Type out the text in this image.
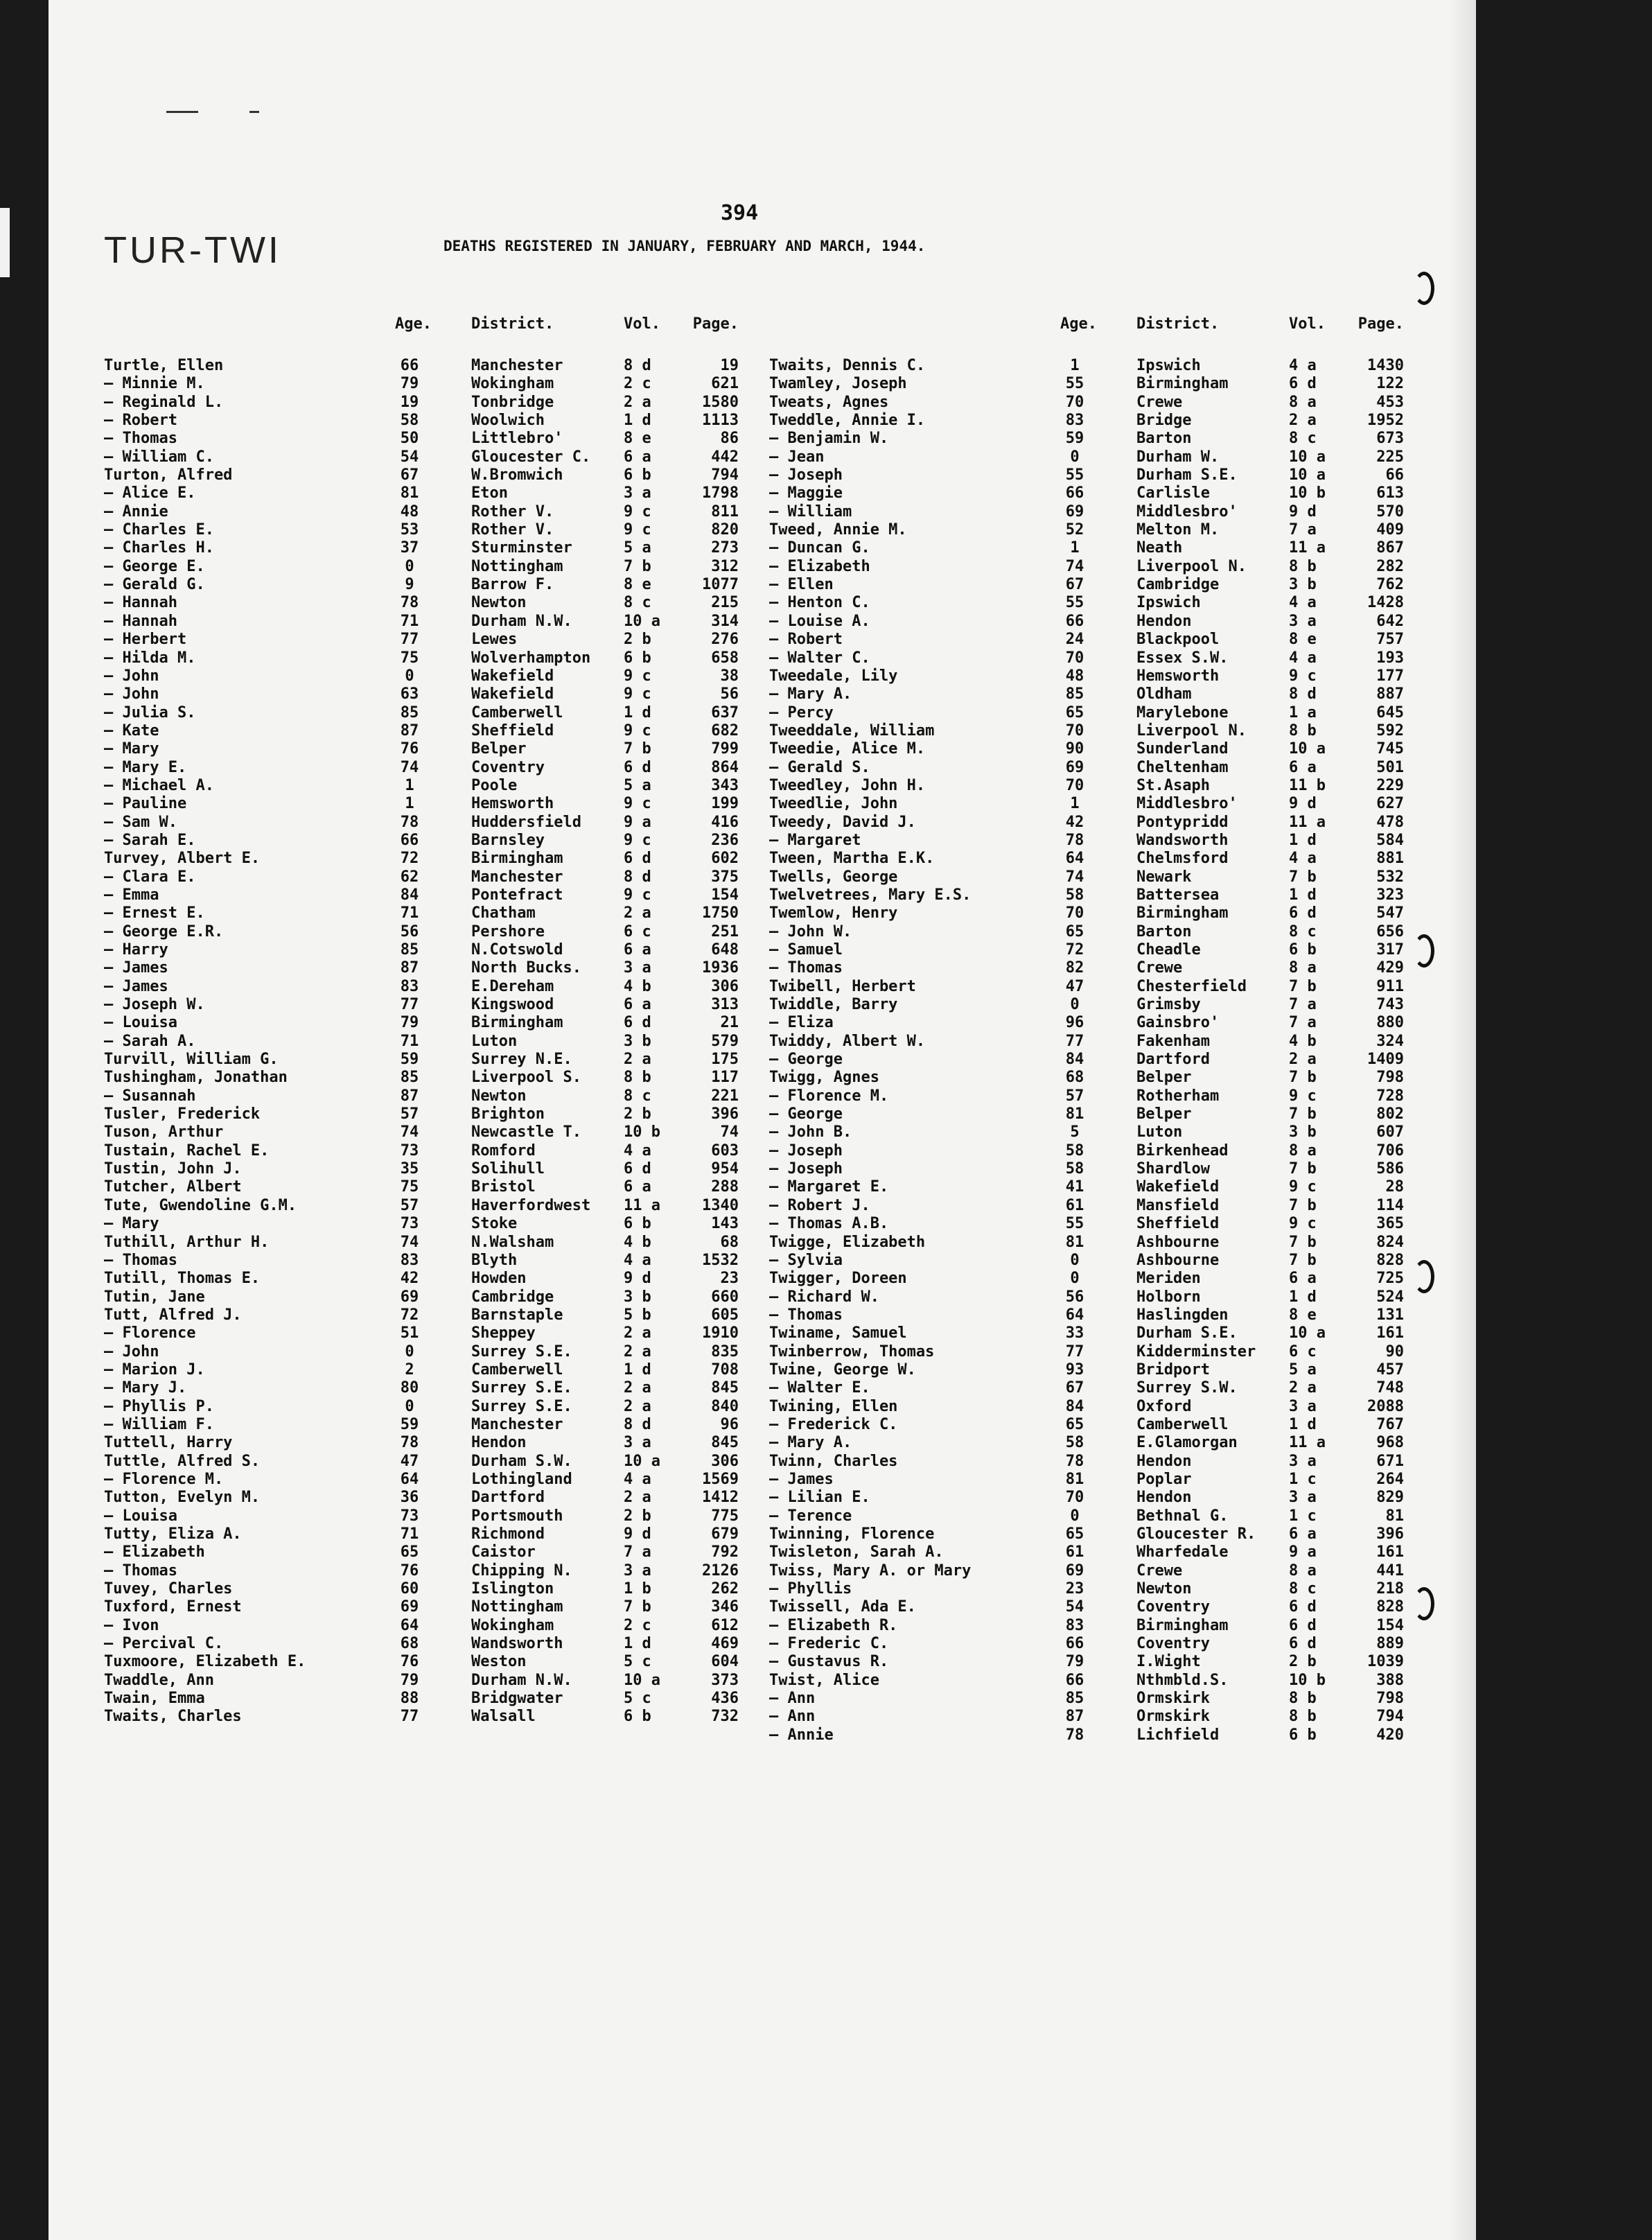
394
TUR-TWI	DEATHS REGISTERED IN JANUARY, FEBRUARY AND MARCH, 1944.
Age.	District.	Vol.	Page.
Turtle, Ellen	66	Manchester	8 d	19
— Minnie M.	79	Wokingham	2 c	621
— Reginald L.	19	Tonbridge	2 a	1580
— Robert	58	Woolwich	1 d	1113
— Thomas	50	Littlebro'	8 e	86
— William C.	54	Gloucester C. 6 a	442
Turton, Alfred	67	W.Bromwich	6 b	794
— Alice E.	81	Eton	3 a	1798
— Annie	48	Rother V.	9 c	811
— Charles E.	53	Rother V.	9 c	820
— Charles H.	37	Sturminster	5 a	273
— George E.	0	Nottingham	7 b	312
— Gerald G.	9	Barrow F.	8 e	1077
— Hannah	78	Newton	8 c	215
— Hannah	71	Durham N.W.	10 a	314
— Herbert	77	Lewes	2 b	276
— Hilda M.	75	Wolverhampton 6 b	658
— John	0	Wakefield	9 c	38
— John	63	Wakefield	9 c	56
— Julia S.	85	Camberwell	1 d	637
— Kate	87	Sheffield	9 c	682
— Mary	76	Belper	7 b	799
— Mary E.	74	Coventry	6 d	864
— Michael A.	1	Poole	5 a	343
— Pauline	1	Hemsworth	9 c	199
— Sam W.	78	Huddersfield	9 a	416
— Sarah E.	66	Barnsley	9 c	236
Turvey, Albert E.	72	Birmingham	6 d	602
— Clara E.	62	Manchester	8 d	375
— Emma	84	Pontefract	9 c	154
— Ernest E.	71	Chatham	2 a	1750
— George E.R.	56	Pershore	6 c	251
— Harry	85	N.Cotswold	6 a	648
— James	87	North Bucks.	3 a	1936
— James	83	E.Dereham	4 b	306
— Joseph W.	77	Kingswood	6 a	313
— Louisa	79	Birmingham	6 d	21
— Sarah A.	71	Luton	3 b	579
Turvill, William G.	59	Surrey N.E.	2 a	175
Tushingham, Jonathan	85	Liverpool S.	8 b	117
— Susannah	87	Newton	8 c	221
Tusler, Frederick	57	Brighton	2 b	396
Tuson, Arthur	74	Newcastle T.	10 b	74
Tustain, Rachel E.	73	Romford	4 a	603
Tustin, John J.	35	Solihull	6 d	954
Tutcher, Albert	75	Bristol	6 a	288
Tute, Gwendoline G.M.	57	Haverfordwest 11 a	1340
— Mary	73	Stoke	6 b	143
Tuthill, Arthur H.	74	N.Walsham	4 b	68
— Thomas	83	Blyth	4 a	1532
Tutill, Thomas E.	42	Howden	9 d	23
Tutin, Jane	69	Cambridge	3 b	660
Tutt, Alfred J.	72	Barnstaple	5 b	605
— Florence	51	Sheppey	2 a	1910
— John	0	Surrey S.E.	2 a	835
— Marion J.	2	Camberwell	1 d	708
— Mary J.	80	Surrey S.E.	2 a	845
— Phyllis P.	0	Surrey S.E.	2 a	840
— William F.	59	Manchester	8 d	96
Tuttell, Harry	78	Hendon	3 a	845
Tuttle, Alfred S.	47	Durham S.W.	10 a	306
— Florence M.	64	Lothingland	4 a	1569
Tutton, Evelyn M.	36	Dartford	2 a	1412
— Louisa	73	Portsmouth	2 b	775
Tutty, Eliza A.	71	Richmond	9 d	679
— Elizabeth	65	Caistor	7 a	792
— Thomas	76	Chipping N.	3 a	2126
Tuvey, Charles	60	Islington	1 b	262
Tuxford, Ernest	69	Nottingham	7 b	346
— Ivon	64	Wokingham	2 c	612
— Percival C.	68	Wandsworth	1 d	469
Tuxmoore, Elizabeth E.	76	Weston	5 c	604
Twaddle, Ann	79	Durham N.W.	10 a	373
Twain, Emma	88	Bridgwater	5 c	436
Twaits, Charles	77	Walsall	6 b	732
Age.	District.	Vol.	Page.
Twaits, Dennis C.	1	Ipswich	4 a	1430
Twamley, Joseph	55	Birmingham	6 d	122
Tweats, Agnes	70	Crewe	8 a	453
Tweddle, Annie I.	83	Bridge	2 a	1952
— Benjamin W.	59	Barton	8 c	673
— Jean	0	Durham W.	10 a	225
— Joseph	55	Durham S.E.	10 a	66
— Maggie	66	Carlisle	10 b	613
— William	69	Middlesbro'	9 d	570
Tweed, Annie M.	52	Melton M.	7 a	409
— Duncan G.	1	Neath	11 a	867
— Elizabeth	74	Liverpool N.	8 b	282
— Ellen	67	Cambridge	3 b	762
— Henton C.	55	Ipswich	4 a	1428
— Louise A.	66	Hendon	3 a	642
— Robert	24	Blackpool	8 e	757
— Walter C.	70	Essex S.W.	4 a	193
Tweedale, Lily	48	Hemsworth	9 c	177
— Mary A.	85	Oldham	8 d	887
— Percy	65	Marylebone	1 a	645
Tweeddale, William	70	Liverpool N.	8 b	592
Tweedie, Alice M.	90	Sunderland	10 a	745
— Gerald S.	69	Cheltenham	6 a	501
Tweedley, John H.	70	St.Asaph	11 b	229
Tweedlie, John	1	Middlesbro'	9 d	627
Tweedy, David J.	42	Pontypridd	11 a	478
— Margaret	78	Wandsworth	1 d	584
Tween, Martha E.K.	64	Chelmsford	4 a	881
Twells, George	74	Newark	7 b	532
Twelvetrees, Mary E.S.	58	Battersea	1 d	323
Twemlow, Henry	70	Birmingham	6 d	547
— John W.	65	Barton	8 c	656
— Samuel	72	Cheadle	6 b	317
— Thomas	82	Crewe	8 a	429
Twibell, Herbert	47	Chesterfield	7 b	911
Twiddle, Barry	0	Grimsby	7 a	743
— Eliza	96	Gainsbro'	7 a	880
Twiddy, Albert W.	77	Fakenham	4 b	324
— George	84	Dartford	2 a	1409
Twigg, Agnes	68	Belper	7 b	798
— Florence M.	57	Rotherham	9 c	728
— George	81	Belper	7 b	802
— John B.	5	Luton	3 b	607
— Joseph	58	Birkenhead	8 a	706
— Joseph	58	Shardlow	7 b	586
— Margaret E.	41	Wakefield	9 c	28
— Robert J.	61	Mansfield	7 b	114
— Thomas A.B.	55	Sheffield	9 c	365
Twigge, Elizabeth	81	Ashbourne	7 b	824
— Sylvia	0	Ashbourne	7 b	828
Twigger, Doreen	0	Meriden	6 a	725
— Richard W.	56	Holborn	1 d	524
— Thomas	64	Haslingden	8 e	131
Twiname, Samuel	33	Durham S.E.	10 a	161
Twinberrow, Thomas	77	Kidderminster 6 c	90
Twine, George W.	93	Bridport	5 a	457
— Walter E.	67	Surrey S.W.	2 a	748
Twining, Ellen	84	Oxford	3 a	2088
— Frederick C.	65	Camberwell	1 d	767
— Mary A.	58	E.Glamorgan	11 a	968
Twinn, Charles	78	Hendon	3 a	671
— James	81	Poplar	1 c	264
— Lilian E.	70	Hendon	3 a	829
— Terence	0	Bethnal G.	1 c	81
Twinning, Florence	65	Gloucester R. 6 a	396
Twisleton, Sarah A.	61	Wharfedale	9 a	161
Twiss, Mary A. or Mary	69	Crewe	8 a	441
— Phyllis	23	Newton	8 c	218
Twissell, Ada E.	54	Coventry	6 d	828
— Elizabeth R.	83	Birmingham	6 d	154
— Frederic C.	66	Coventry	6 d	889
— Gustavus R.	79	I.Wight	2 b	1039
Twist, Alice	66	Nthmbld.S.	10 b	388
— Ann	85	Ormskirk	8 b	798
— Ann	87	Ormskirk	8 b	794
— Annie	78	Lichfield	6 b	420
